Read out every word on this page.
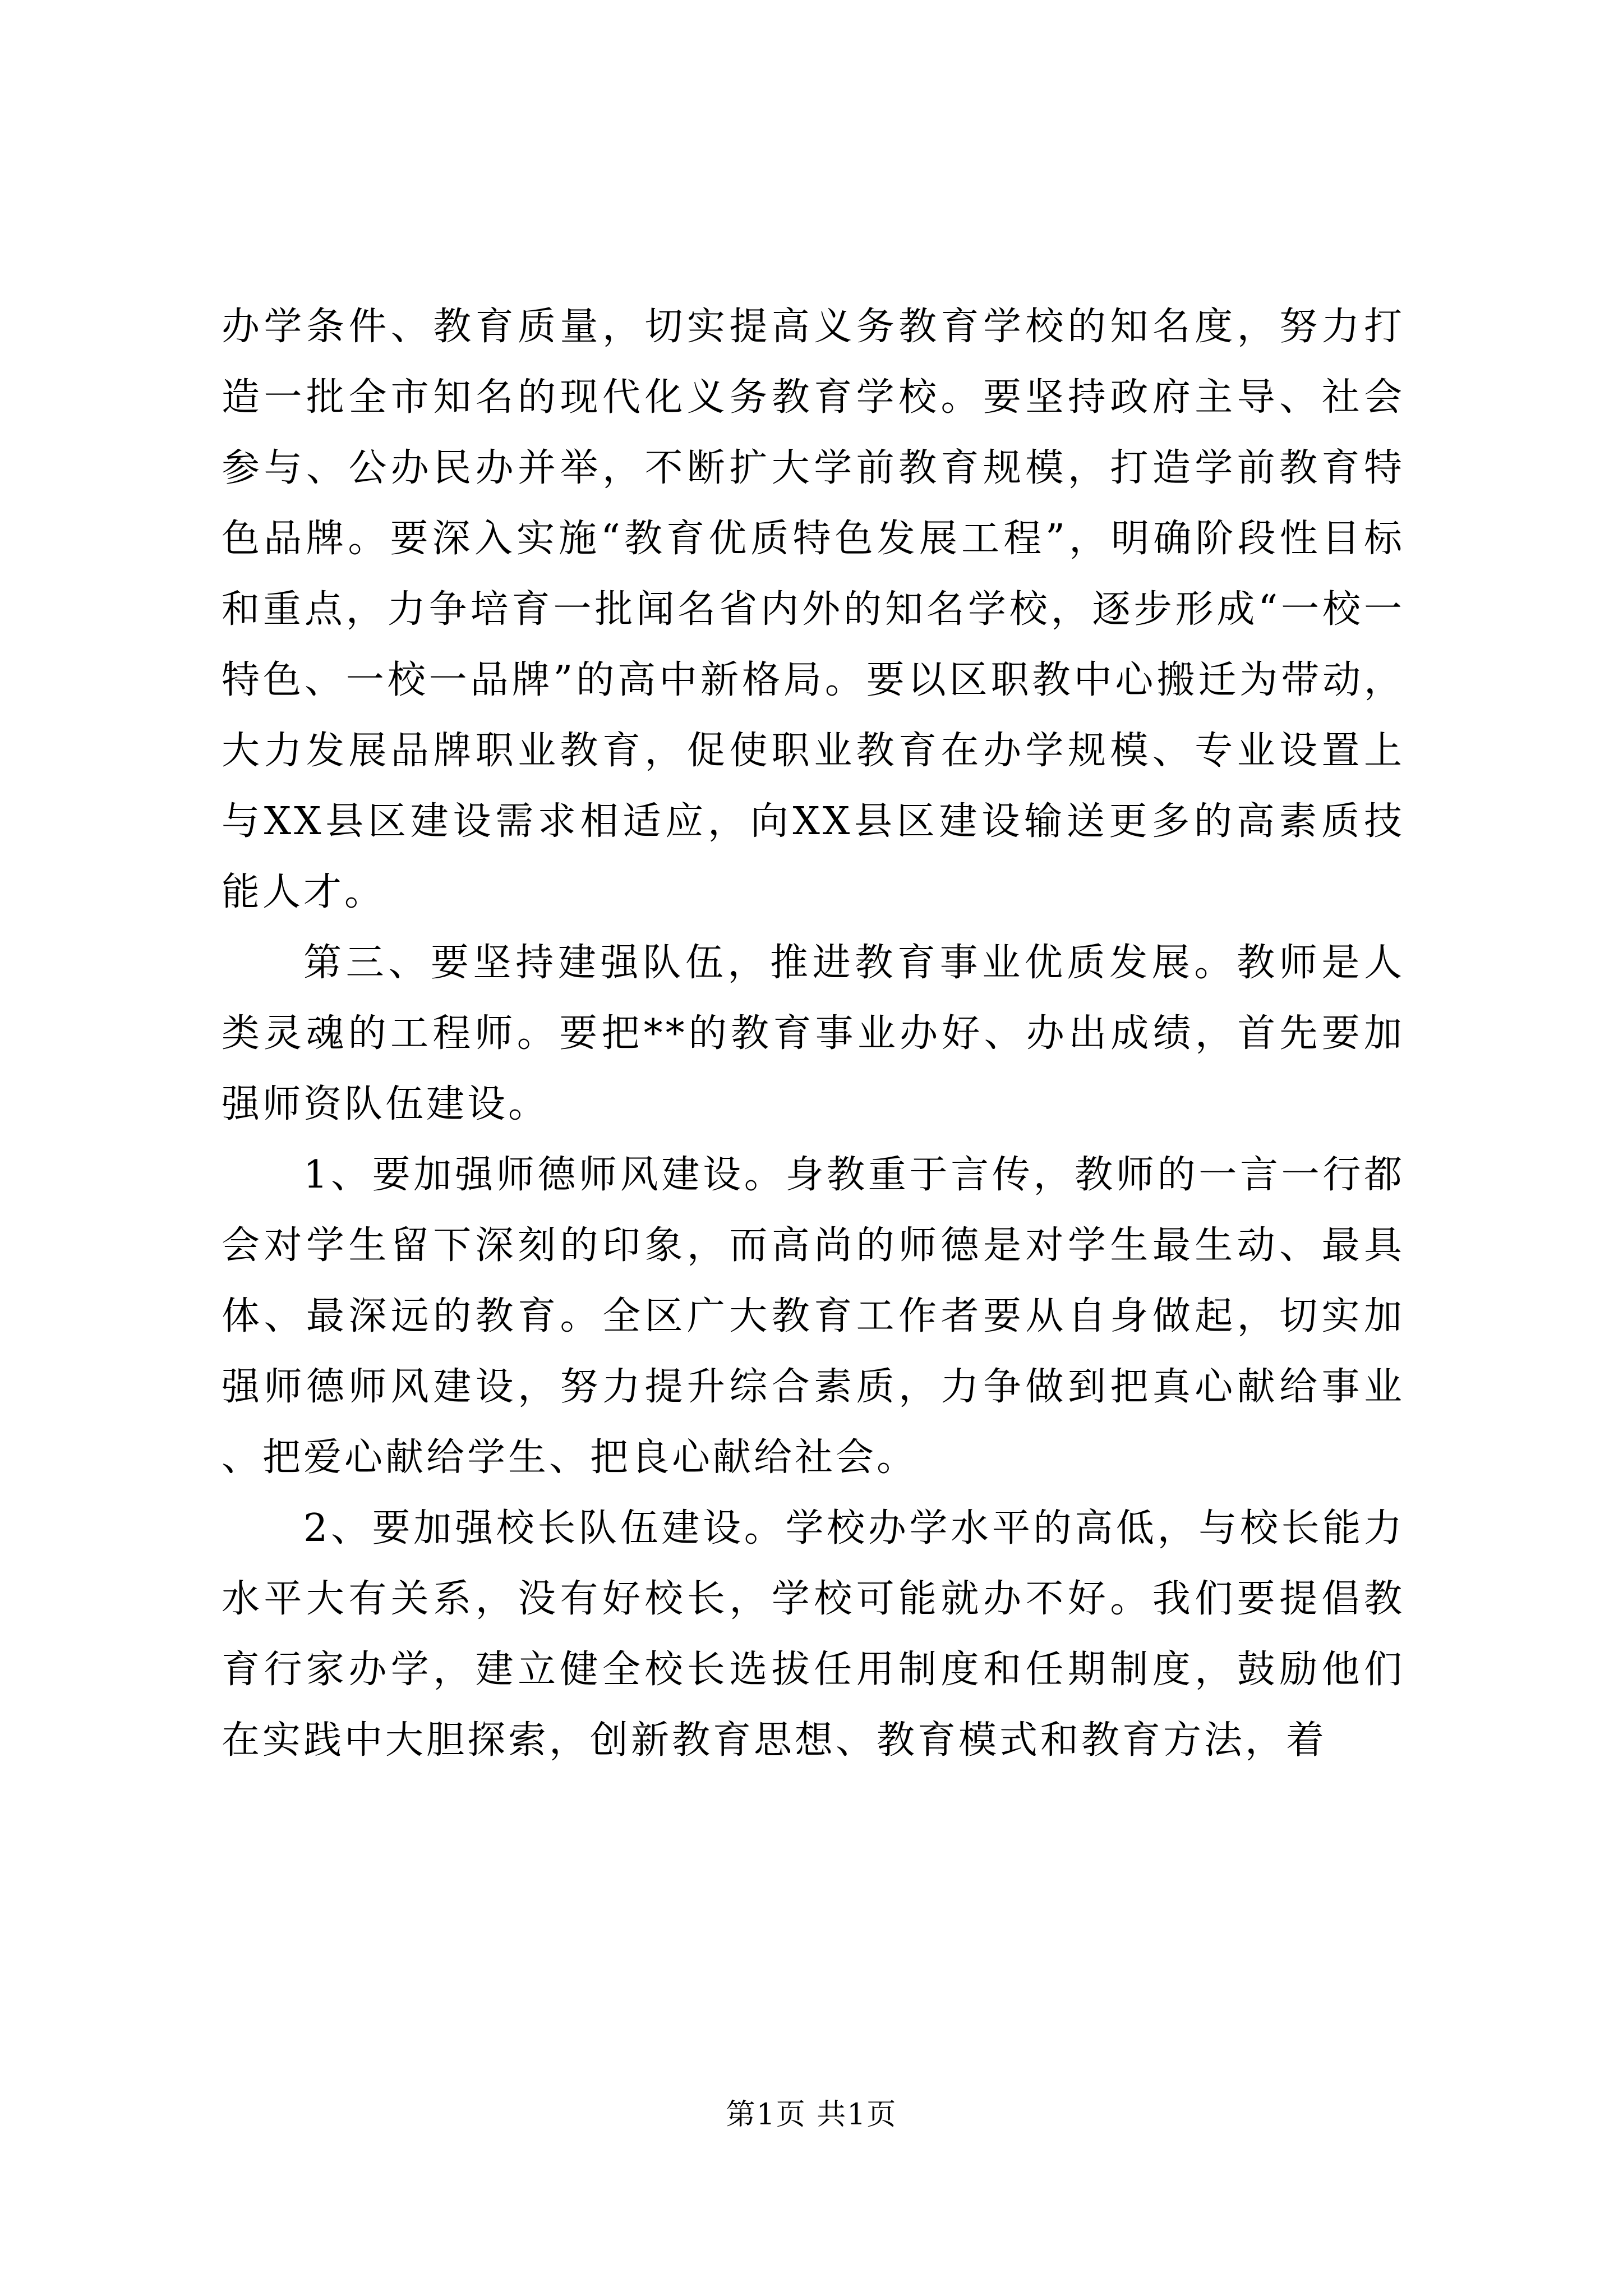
办学条件、教育质量，切实提高义务教育学校的知名度，努力打造一批全市知名的现代化义务教育学校。要坚持政府主导、社会参与、公办民办并举，不断扩大学前教育规模，打造学前教育特色品牌。要深入实施“教育优质特色发展工程”，明确阶段性目标和重点，力争培育一批闻名省内外的知名学校，逐步形成“一校一特色、一校一品牌”的高中新格局。要以区职教中心搬迁为带动，大力发展品牌职业教育，促使职业教育在办学规模、专业设置上与XX县区建设需求相适应，向XX县区建设输送更多的高素质技能人才。

第三、要坚持建强队伍，推进教育事业优质发展。教师是人类灵魂的工程师。要把**的教育事业办好、办出成绩，首先要加强师资队伍建设。

1、要加强师德师风建设。身教重于言传，教师的一言一行都会对学生留下深刻的印象，而高尚的师德是对学生最生动、最具体、最深远的教育。全区广大教育工作者要从自身做起，切实加强师德师风建设，努力提升综合素质，力争做到把真心献给事业、把爱心献给学生、把良心献给社会。

2、要加强校长队伍建设。学校办学水平的高低，与校长能力水平大有关系，没有好校长，学校可能就办不好。我们要提倡教育行家办学，建立健全校长选拔任用制度和任期制度，鼓励他们在实践中大胆探索，创新教育思想、教育模式和教育方法，着

第1页 共1页
